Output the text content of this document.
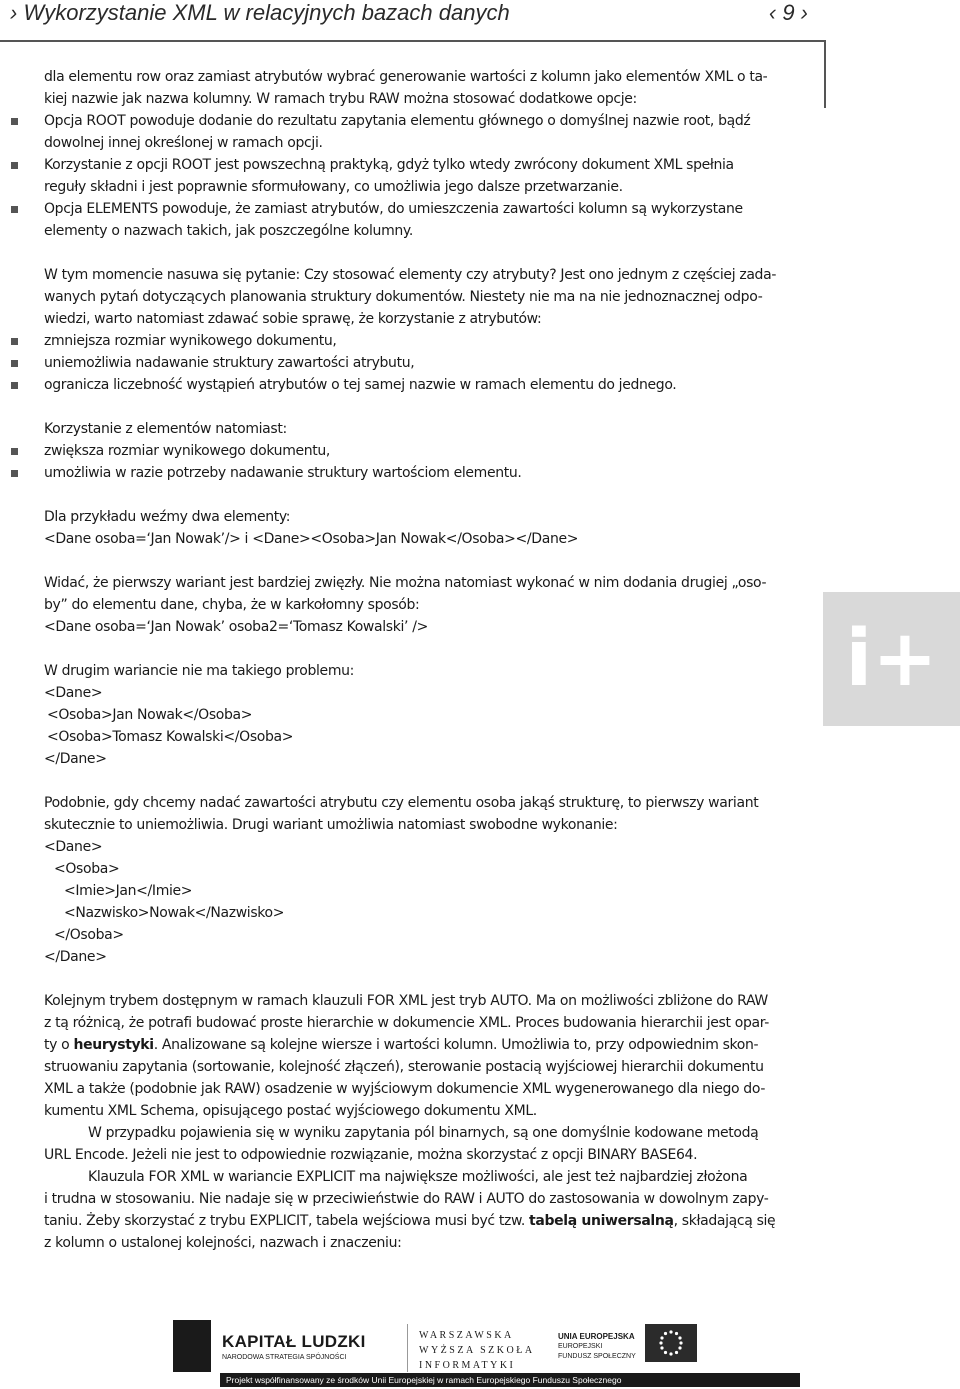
› Wykorzystanie XML w relacyjnych bazach danych	‹ 9 ›
i+

dla elementu row oraz zamiast atrybutów wybrać generowanie wartości z kolumn jako elementów XML o ta-

kiej nazwie jak nazwa kolumny. W ramach trybu RAW można stosować dodatkowe opcje:

Opcja ROOT powoduje dodanie do rezultatu zapytania elementu głównego o domyślnej nazwie root, bądź
dowolnej innej określonej w ramach opcji.

Korzystanie z opcji ROOT jest powszechną praktyką, gdyż tylko wtedy zwrócony dokument XML spełnia
reguły składni i jest poprawnie sformułowany, co umożliwia jego dalsze przetwarzanie.

Opcja ELEMENTS powoduje, że zamiast atrybutów, do umieszczenia zawartości kolumn są wykorzystane
elementy o nazwach takich, jak poszczególne kolumny.

W tym momencie nasuwa się pytanie: Czy stosować elementy czy atrybuty? Jest ono jednym z częściej zada-

wanych pytań dotyczących planowania struktury dokumentów. Niestety nie ma na nie jednoznacznej odpo-

wiedzi, warto natomiast zdawać sobie sprawę, że korzystanie z atrybutów:

zmniejsza rozmiar wynikowego dokumentu,

uniemożliwia nadawanie struktury zawartości atrybutu,

ogranicza liczebność wystąpień atrybutów o tej samej nazwie w ramach elementu do jednego.

Korzystanie z elementów natomiast:

zwiększa rozmiar wynikowego dokumentu,

umożliwia w razie potrzeby nadawanie struktury wartościom elementu.

Dla przykładu weźmy dwa elementy:

<Dane osoba=‘Jan Nowak’/> i <Dane><Osoba>Jan Nowak</Osoba></Dane>

Widać, że pierwszy wariant jest bardziej zwięzły. Nie można natomiast wykonać w nim dodania drugiej „oso-

by” do elementu dane, chyba, że w karkołomny sposób:

<Dane osoba=‘Jan Nowak’ osoba2=‘Tomasz Kowalski’ />

W drugim wariancie nie ma takiego problemu:

<Dane>

<Osoba>Jan Nowak</Osoba>

<Osoba>Tomasz Kowalski</Osoba>

</Dane>

Podobnie, gdy chcemy nadać zawartości atrybutu czy elementu osoba jakąś strukturę, to pierwszy wariant

skutecznie to uniemożliwia. Drugi wariant umożliwia natomiast swobodne wykonanie:

<Dane>

<Osoba>

<Imie>Jan</Imie>

<Nazwisko>Nowak</Nazwisko>

</Osoba>

</Dane>

Kolejnym trybem dostępnym w ramach klauzuli FOR XML jest tryb AUTO. Ma on możliwości zbliżone do RAW

z tą różnicą, że potrafi budować proste hierarchie w dokumencie XML. Proces budowania hierarchii jest opar-

ty o heurystyki. Analizowane są kolejne wiersze i wartości kolumn. Umożliwia to, przy odpowiednim skon-

struowaniu zapytania (sortowanie, kolejność złączeń), sterowanie postacią wyjściowej hierarchii dokumentu

XML a także (podobnie jak RAW) osadzenie w wyjściowym dokumencie XML wygenerowanego dla niego do-

kumentu XML Schema, opisującego postać wyjściowego dokumentu XML.

W przypadku pojawienia się w wyniku zapytania pól binarnych, są one domyślnie kodowane metodą

URL Encode. Jeżeli nie jest to odpowiednie rozwiązanie, można skorzystać z opcji BINARY BASE64.

Klauzula FOR XML w wariancie EXPLICIT ma największe możliwości, ale jest też najbardziej złożona

i trudna w stosowaniu. Nie nadaje się w przeciwieństwie do RAW i AUTO do zastosowania w dowolnym zapy-

taniu. Żeby skorzystać z trybu EXPLICIT, tabela wejściowa musi być tzw. tabelą uniwersalną, składającą się

z kolumn o ustalonej kolejności, nazwach i znaczeniu:

KAPITAŁ LUDZKI
NARODOWA STRATEGIA SPÓJNOŚCI
WARSZAWSKA
WYŻSZA SZKOŁA
INFORMATYKI
UNIA EUROPEJSKA
EUROPEJSKI
FUNDUSZ SPOŁECZNY
Projekt współfinansowany ze środków Unii Europejskiej w ramach Europejskiego Funduszu Społecznego
